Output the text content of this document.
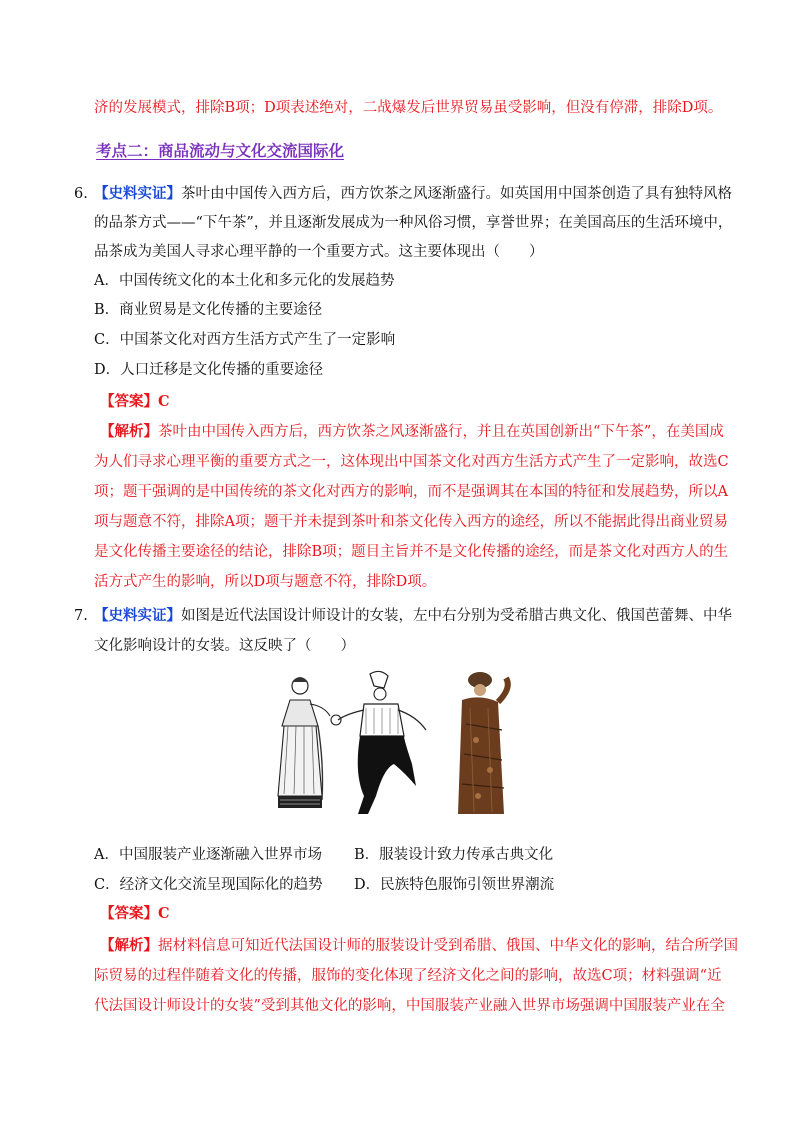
济的发展模式，排除B项；D项表述绝对，二战爆发后世界贸易虽受影响，但没有停滞，排除D项。
考点二：商品流动与文化交流国际化
6. 【史料实证】茶叶由中国传入西方后，西方饮茶之风逐渐盛行。如英国用中国茶创造了具有独特风格
的品茶方式——“下午茶”，并且逐渐发展成为一种风俗习惯，享誉世界；在美国高压的生活环境中，
品茶成为美国人寻求心理平静的一个重要方式。这主要体现出（　　）
A．中国传统文化的本土化和多元化的发展趋势
B．商业贸易是文化传播的主要途径
C．中国茶文化对西方生活方式产生了一定影响
D．人口迁移是文化传播的重要途径
【答案】C
【解析】茶叶由中国传入西方后，西方饮茶之风逐渐盛行，并且在英国创新出“下午茶”，在美国成
为人们寻求心理平衡的重要方式之一，这体现出中国茶文化对西方生活方式产生了一定影响，故选C
项；题干强调的是中国传统的茶文化对西方的影响，而不是强调其在本国的特征和发展趋势，所以A
项与题意不符，排除A项；题干并未提到茶叶和茶文化传入西方的途经，所以不能据此得出商业贸易
是文化传播主要途径的结论，排除B项；题目主旨并不是文化传播的途经，而是茶文化对西方人的生
活方式产生的影响，所以D项与题意不符，排除D项。
7. 【史料实证】如图是近代法国设计师设计的女装，左中右分别为受希腊古典文化、俄国芭蕾舞、中华
文化影响设计的女装。这反映了（　　）
A．中国服装产业逐渐融入世界市场 B．服装设计致力传承古典文化
C．经济文化交流呈现国际化的趋势 D．民族特色服饰引领世界潮流
【答案】C
【解析】据材料信息可知近代法国设计师的服装设计受到希腊、俄国、中华文化的影响，结合所学国
际贸易的过程伴随着文化的传播，服饰的变化体现了经济文化之间的影响，故选C项；材料强调“近
代法国设计师设计的女装”受到其他文化的影响，中国服装产业融入世界市场强调中国服装产业在全
